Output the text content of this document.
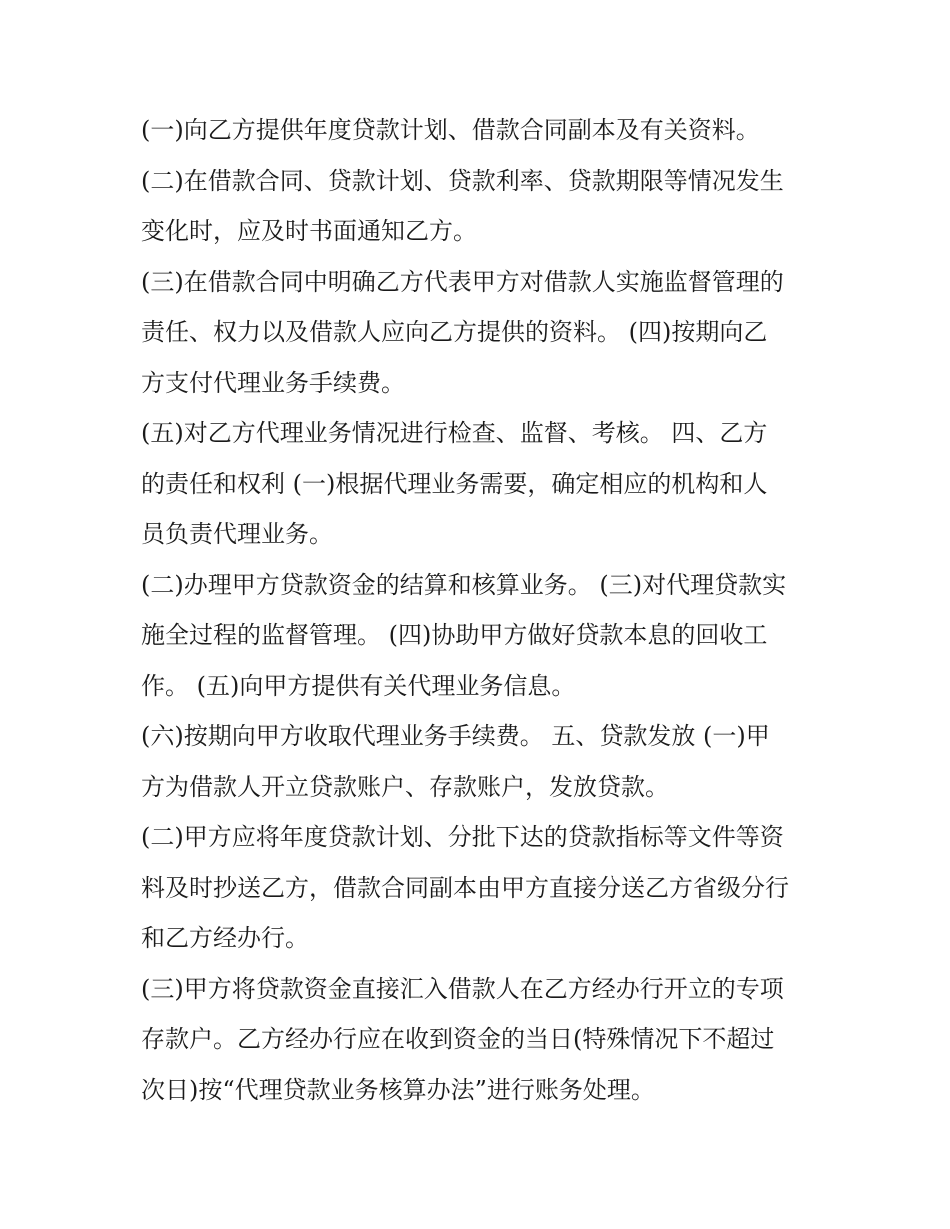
(一)向乙方提供年度贷款计划、借款合同副本及有关资料。
(二)在借款合同、贷款计划、贷款利率、贷款期限等情况发生
变化时，应及时书面通知乙方。
(三)在借款合同中明确乙方代表甲方对借款人实施监督管理的
责任、权力以及借款人应向乙方提供的资料。 (四)按期向乙
方支付代理业务手续费。
(五)对乙方代理业务情况进行检查、监督、考核。 四、乙方
的责任和权利 (一)根据代理业务需要，确定相应的机构和人
员负责代理业务。
(二)办理甲方贷款资金的结算和核算业务。 (三)对代理贷款实
施全过程的监督管理。 (四)协助甲方做好贷款本息的回收工
作。 (五)向甲方提供有关代理业务信息。
(六)按期向甲方收取代理业务手续费。 五、贷款发放 (一)甲
方为借款人开立贷款账户、存款账户，发放贷款。
(二)甲方应将年度贷款计划、分批下达的贷款指标等文件等资
料及时抄送乙方，借款合同副本由甲方直接分送乙方省级分行
和乙方经办行。
(三)甲方将贷款资金直接汇入借款人在乙方经办行开立的专项
存款户。乙方经办行应在收到资金的当日(特殊情况下不超过
次日)按“代理贷款业务核算办法”进行账务处理。
